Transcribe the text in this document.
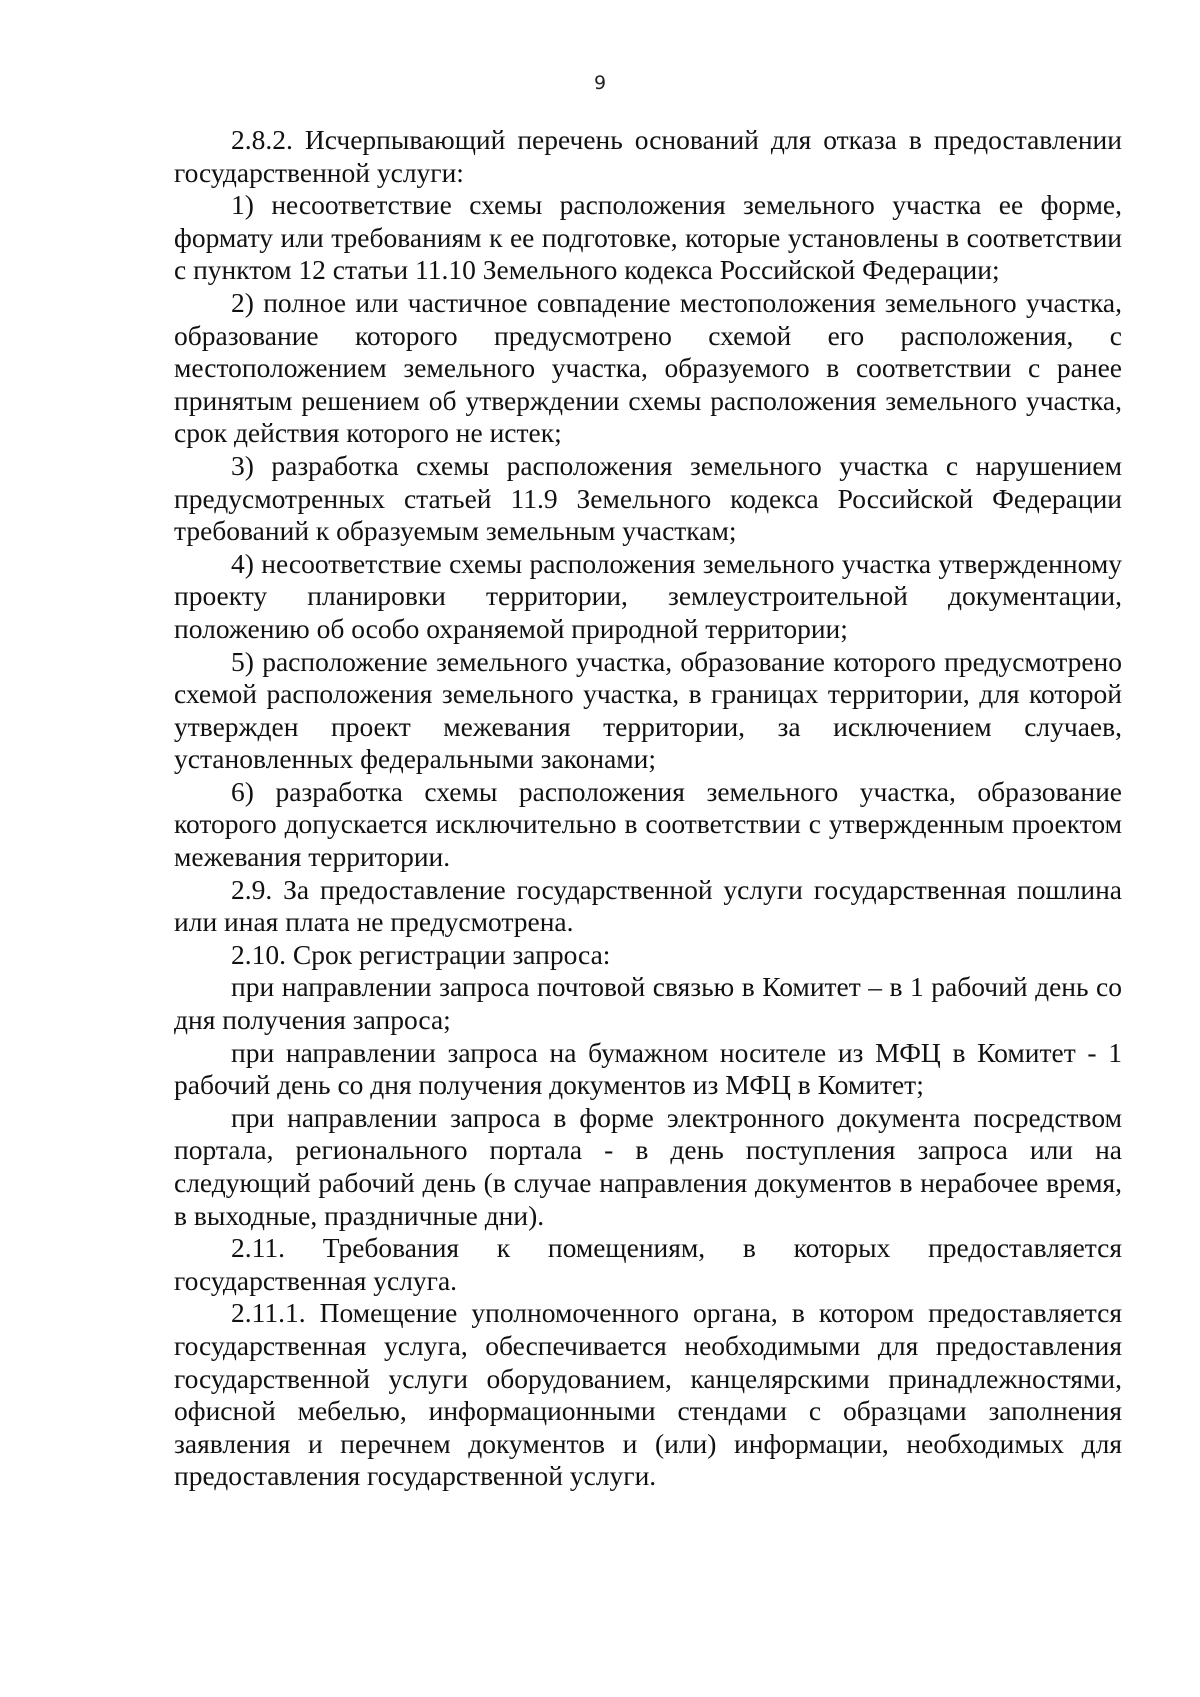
9

2.8.2. Исчерпывающий перечень оснований для отказа в предоставлении государственной услуги:

1) несоответствие схемы расположения земельного участка ее форме, формату или требованиям к ее подготовке, которые установлены в соответствии с пунктом 12 статьи 11.10 Земельного кодекса Российской Федерации;

2) полное или частичное совпадение местоположения земельного участка, образование которого предусмотрено схемой его расположения, с местоположением земельного участка, образуемого в соответствии с ранее принятым решением об утверждении схемы расположения земельного участка, срок действия которого не истек;

3) разработка схемы расположения земельного участка с нарушением предусмотренных статьей 11.9 Земельного кодекса Российской Федерации требований к образуемым земельным участкам;

4) несоответствие схемы расположения земельного участка утвержденному проекту планировки территории, землеустроительной документации, положению об особо охраняемой природной территории;

5) расположение земельного участка, образование которого предусмотрено схемой расположения земельного участка, в границах территории, для которой утвержден проект межевания территории, за исключением случаев, установленных федеральными законами;

6) разработка схемы расположения земельного участка, образование которого допускается исключительно в соответствии с утвержденным проектом межевания территории.

2.9. За предоставление государственной услуги государственная пошлина или иная плата не предусмотрена.

2.10. Срок регистрации запроса:

при направлении запроса почтовой связью в Комитет – в 1 рабочий день со дня получения запроса;

при направлении запроса на бумажном носителе из МФЦ в Комитет - 1 рабочий день со дня получения документов из МФЦ в Комитет;

при направлении запроса в форме электронного документа посредством портала, регионального портала - в день поступления запроса или на следующий рабочий день (в случае направления документов в нерабочее время, в выходные, праздничные дни).

2.11. Требования к помещениям, в которых предоставляется государственная услуга.

2.11.1. Помещение уполномоченного органа, в котором предоставляется государственная услуга, обеспечивается необходимыми для предоставления государственной услуги оборудованием, канцелярскими принадлежностями, офисной мебелью, информационными стендами с образцами заполнения заявления и перечнем документов и (или) информации, необходимых для предоставления государственной услуги.
